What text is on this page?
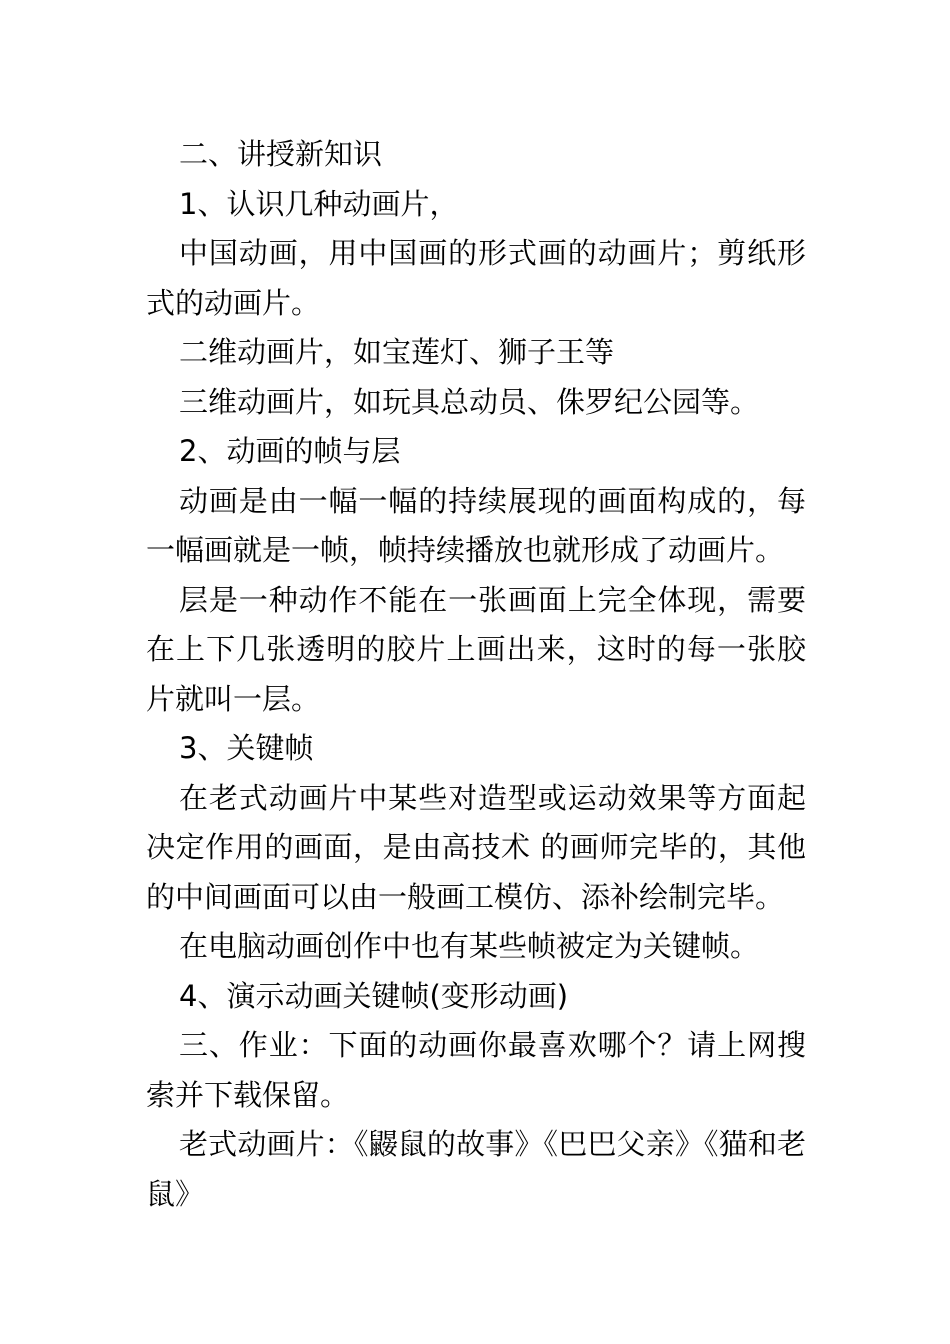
二、讲授新知识

1、认识几种动画片，

中国动画，用中国画的形式画的动画片；剪纸形式的动画片。

二维动画片，如宝莲灯、狮子王等

三维动画片，如玩具总动员、侏罗纪公园等。

2、动画的帧与层

动画是由一幅一幅的持续展现的画面构成的，每一幅画就是一帧，帧持续播放也就形成了动画片。

层是一种动作不能在一张画面上完全体现，需要在上下几张透明的胶片上画出来，这时的每一张胶片就叫一层。

3、关键帧

在老式动画片中某些对造型或运动效果等方面起决定作用的画面，是由高技术 的画师完毕的，其他的中间画面可以由一般画工模仿、添补绘制完毕。

在电脑动画创作中也有某些帧被定为关键帧。

4、演示动画关键帧(变形动画)

三、作业：下面的动画你最喜欢哪个？请上网搜索并下载保留。

老式动画片：《鼹鼠的故事》《巴巴父亲》《猫和老鼠》
